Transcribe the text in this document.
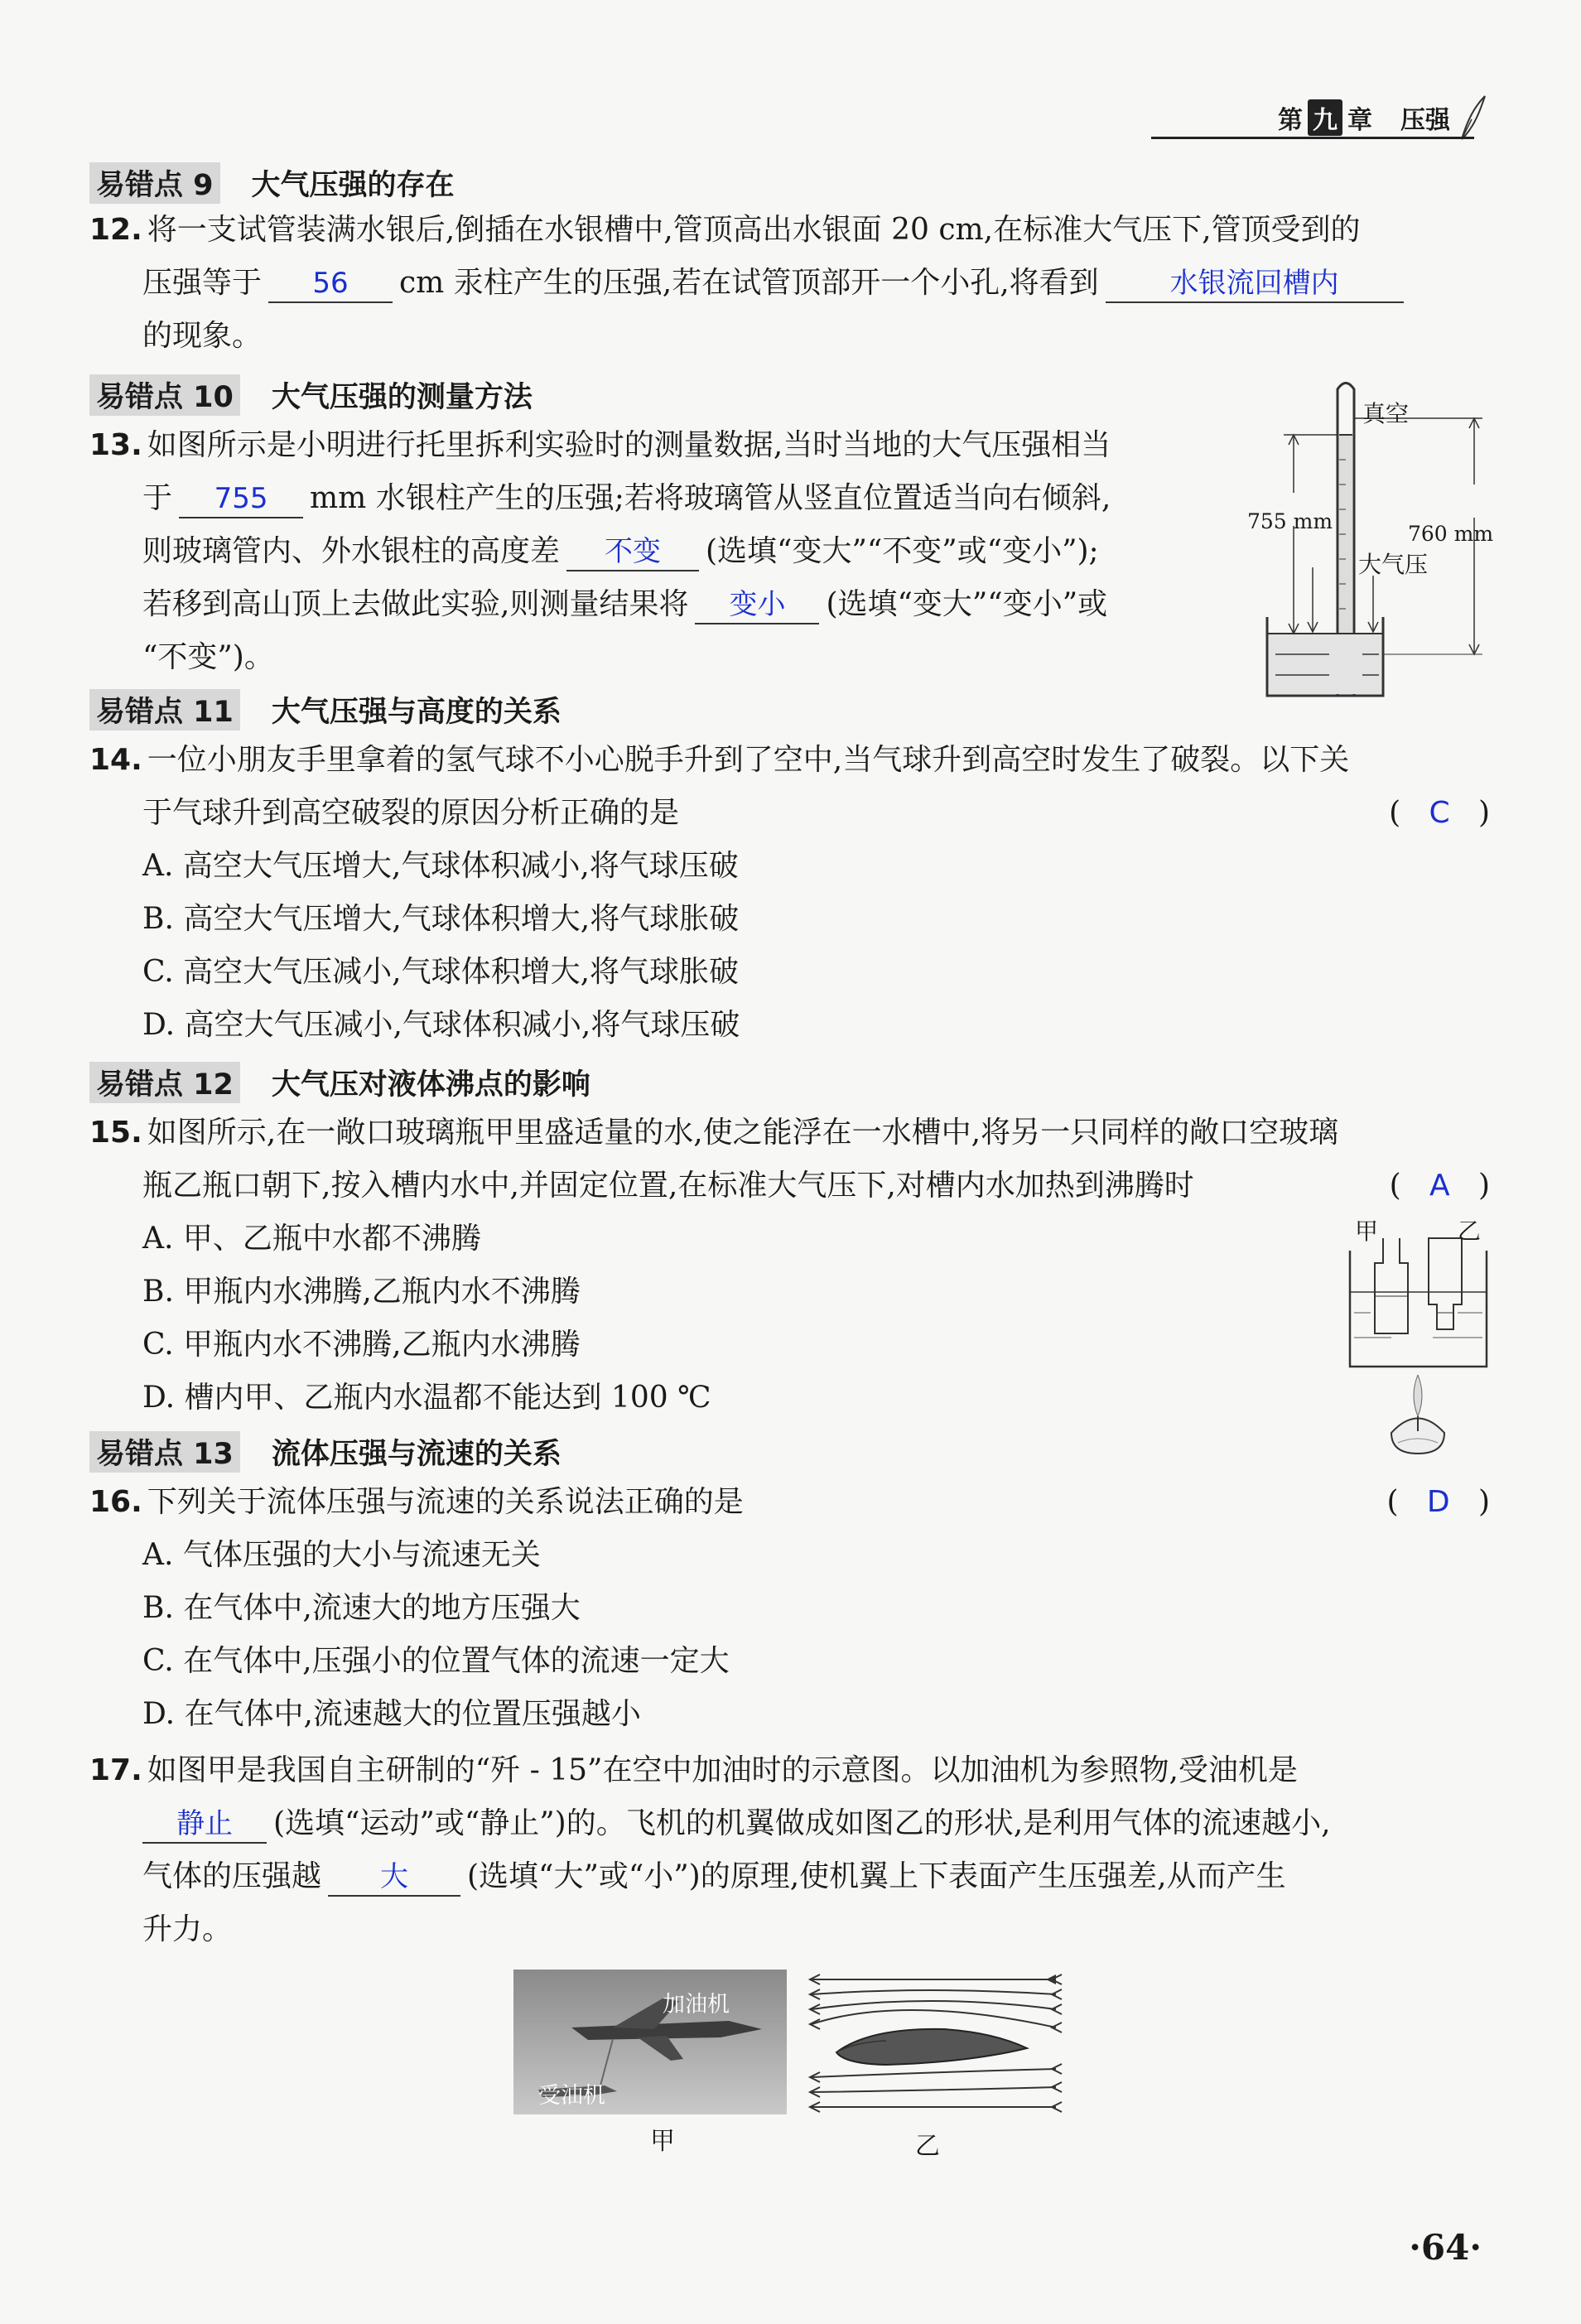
第 九 章 压强
易错点 9 大气压强的存在
12. 将一支试管装满水银后,倒插在水银槽中,管顶高出水银面 20 cm,在标准大气压下,管顶受到的
压强等于 56 cm 汞柱产生的压强,若在试管顶部开一个小孔,将看到	水银流回槽内
的现象。
易错点 10 大气压强的测量方法
13. 如图所示是小明进行托里拆利实验时的测量数据,当时当地的大气压强相当
于 755 mm 水银柱产生的压强;若将玻璃管从竖直位置适当向右倾斜,
则玻璃管内、外水银柱的高度差 不变 (选填“变大”“不变”或“变小”);
若移到高山顶上去做此实验,则测量结果将 变小 (选填“变大”“变小”或
“不变”)。
真空
755 mm
760 mm
大气压
易错点 11 大气压强与高度的关系
14. 一位小朋友手里拿着的氢气球不小心脱手升到了空中,当气球升到高空时发生了破裂。以下关
于气球升到高空破裂的原因分析正确的是	(   C   )
A. 高空大气压增大,气球体积减小,将气球压破
B. 高空大气压增大,气球体积增大,将气球胀破
C. 高空大气压减小,气球体积增大,将气球胀破
D. 高空大气压减小,气球体积减小,将气球压破
易错点 12 大气压对液体沸点的影响
15. 如图所示,在一敞口玻璃瓶甲里盛适量的水,使之能浮在一水槽中,将另一只同样的敞口空玻璃
瓶乙瓶口朝下,按入槽内水中,并固定位置,在标准大气压下,对槽内水加热到沸腾时	(   A   )
A. 甲、乙瓶中水都不沸腾
B. 甲瓶内水沸腾,乙瓶内水不沸腾
C. 甲瓶内水不沸腾,乙瓶内水沸腾
D. 槽内甲、乙瓶内水温都不能达到 100 ℃
甲	乙
易错点 13 流体压强与流速的关系
16. 下列关于流体压强与流速的关系说法正确的是	(   D   )
A. 气体压强的大小与流速无关
B. 在气体中,流速大的地方压强大
C. 在气体中,压强小的位置气体的流速一定大
D. 在气体中,流速越大的位置压强越小
17. 如图甲是我国自主研制的“歼 - 15”在空中加油时的示意图。以加油机为参照物,受油机是
静止 (选填“运动”或“静止”)的。飞机的机翼做成如图乙的形状,是利用气体的流速越小,
气体的压强越 大 (选填“大”或“小”)的原理,使机翼上下表面产生压强差,从而产生
升力。
加油机
受油机
甲	乙
·64·
